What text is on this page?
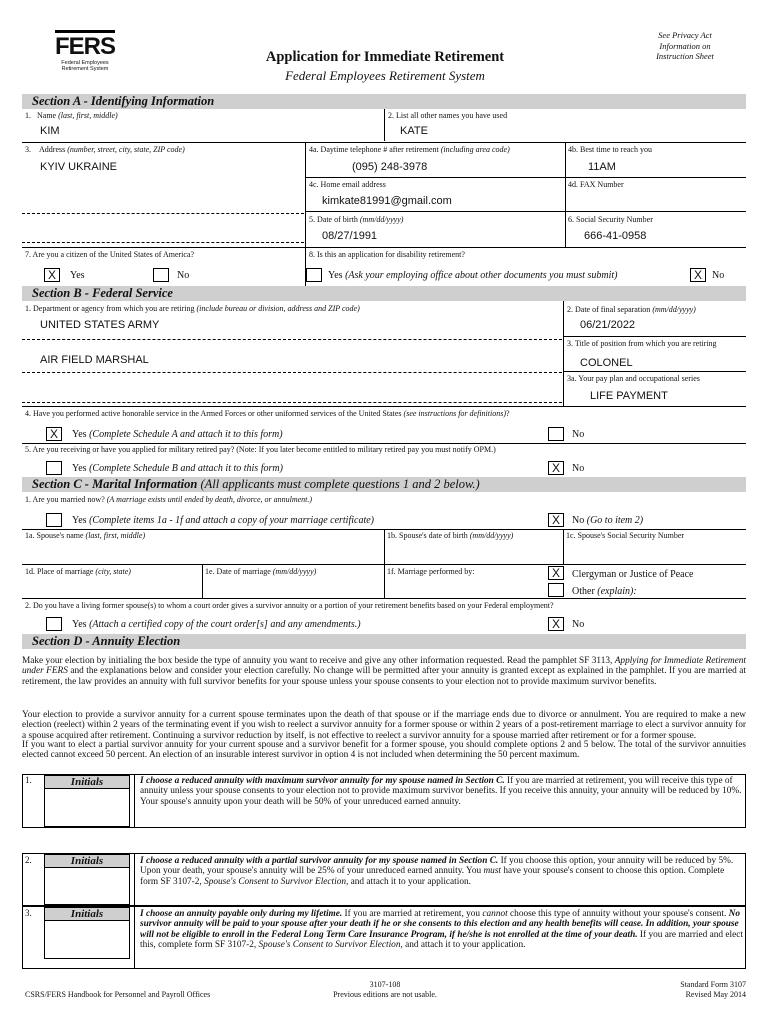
FERS
Federal Employees
Retirement System
Application for Immediate Retirement
Federal Employees Retirement System
See Privacy Act
Information on
Instruction Sheet
Section A - Identifying Information
1. Name (last, first, middle)
KIM
2. List all other names you have used
KATE
3.    Address (number, street, city, state, ZIP code)
KYIV UKRAINE
4a. Daytime telephone # after retirement (including area code)
(095) 248-3978
4b. Best time to reach you
11AM
4c. Home email address
kimkate81991@gmail.com
4d. FAX Number
5. Date of birth (mm/dd/yyyy)
08/27/1991
6. Social Security Number
666-41-0958
7. Are you a citizen of the United States of America?
X	Yes	No
8. Is this an application for disability retirement?
Yes (Ask your employing office about other documents you must submit)	X	No
Section B - Federal Service
1. Department or agency from which you are retiring (include bureau or division, address and ZIP code)
UNITED STATES ARMY
AIR FIELD MARSHAL
2. Date of final separation (mm/dd/yyyy)
06/21/2022
3. Title of position from which you are retiring
COLONEL
3a. Your pay plan and occupational series
LIFE PAYMENT
4. Have you performed active honorable service in the Armed Forces or other uniformed services of the United States (see instructions for definitions)?
X	Yes (Complete Schedule A and attach it to this form)	No
5. Are you receiving or have you applied for military retired pay? (Note: If you later become entitled to military retired pay you must notify OPM.)
Yes (Complete Schedule B and attach it to this form)	X	No
Section C - Marital Information (All applicants must complete questions 1 and 2 below.)
1. Are you married now? (A marriage exists until ended by death, divorce, or annulment.)
Yes (Complete items 1a - 1f and attach a copy of your marriage certificate)	X	No (Go to item 2)
1a. Spouse's name (last, first, middle)	1b. Spouse's date of birth (mm/dd/yyyy)	1c. Spouse's Social Security Number
1d. Place of marriage (city, state)	1e. Date of marriage (mm/dd/yyyy)	1f. Marriage performed by:	X	Clergyman or Justice of Peace
Other (explain):
2. Do you have a living former spouse(s) to whom a court order gives a survivor annuity or a portion of your retirement benefits based on your Federal employment?
Yes (Attach a certified copy of the court order[s] and any amendments.)	X	No
Section D - Annuity Election
Make your election by initialing the box beside the type of annuity you want to receive and give any other information requested. Read the pamphlet SF 3113, Applying for Immediate Retirement under FERS and the explanations below and consider your election carefully. No change will be permitted after your annuity is granted except as explained in the pamphlet. If you are married at retirement, the law provides an annuity with full survivor benefits for your spouse unless your spouse consents to your election not to provide maximum survivor benefits.
Your election to provide a survivor annuity for a current spouse terminates upon the death of that spouse or if the marriage ends due to divorce or annulment. You are required to make a new election (reelect) within 2 years of the terminating event if you wish to reelect a survivor annuity for a former spouse or within 2 years of a post-retirement marriage to elect a survivor annuity for a spouse acquired after retirement. Continuing a survivor reduction by itself, is not effective to reelect a survivor annuity for a spouse married after retirement or for a former spouse.
If you want to elect a partial survivor annuity for your current spouse and a survivor benefit for a former spouse, you should complete options 2 and 5 below. The total of the survivor annuities elected cannot exceed 50 percent. An election of an insurable interest survivor in option 4 is not included when determining the 50 percent maximum.
1.	Initials	I choose a reduced annuity with maximum survivor annuity for my spouse named in Section C. If you are married at retirement, you will receive this type of annuity unless your spouse consents to your election not to provide maximum survivor benefits. If you receive this annuity, your annuity will be reduced by 10%. Your spouse's annuity upon your death will be 50% of your unreduced earned annuity.
2.	Initials	I choose a reduced annuity with a partial survivor annuity for my spouse named in Section C. If you choose this option, your annuity will be reduced by 5%. Upon your death, your spouse's annuity will be 25% of your unreduced earned annuity. You must have your spouse's consent to choose this option. Complete form SF 3107-2, Spouse's Consent to Survivor Election, and attach it to your application.
3.	Initials	I choose an annuity payable only during my lifetime. If you are married at retirement, you cannot choose this type of annuity without your spouse's consent. No survivor annuity will be paid to your spouse after your death if he or she consents to this election and any health benefits will cease. In addition, your spouse will not be eligible to enroll in the Federal Long Term Care Insurance Program, if he/she is not enrolled at the time of your death. If you are married and elect this, complete form SF 3107-2, Spouse's Consent to Survivor Election, and attach it to your application.
CSRS/FERS Handbook for Personnel and Payroll Offices
3107-108
Previous editions are not usable.
Standard Form 3107
Revised May 2014
